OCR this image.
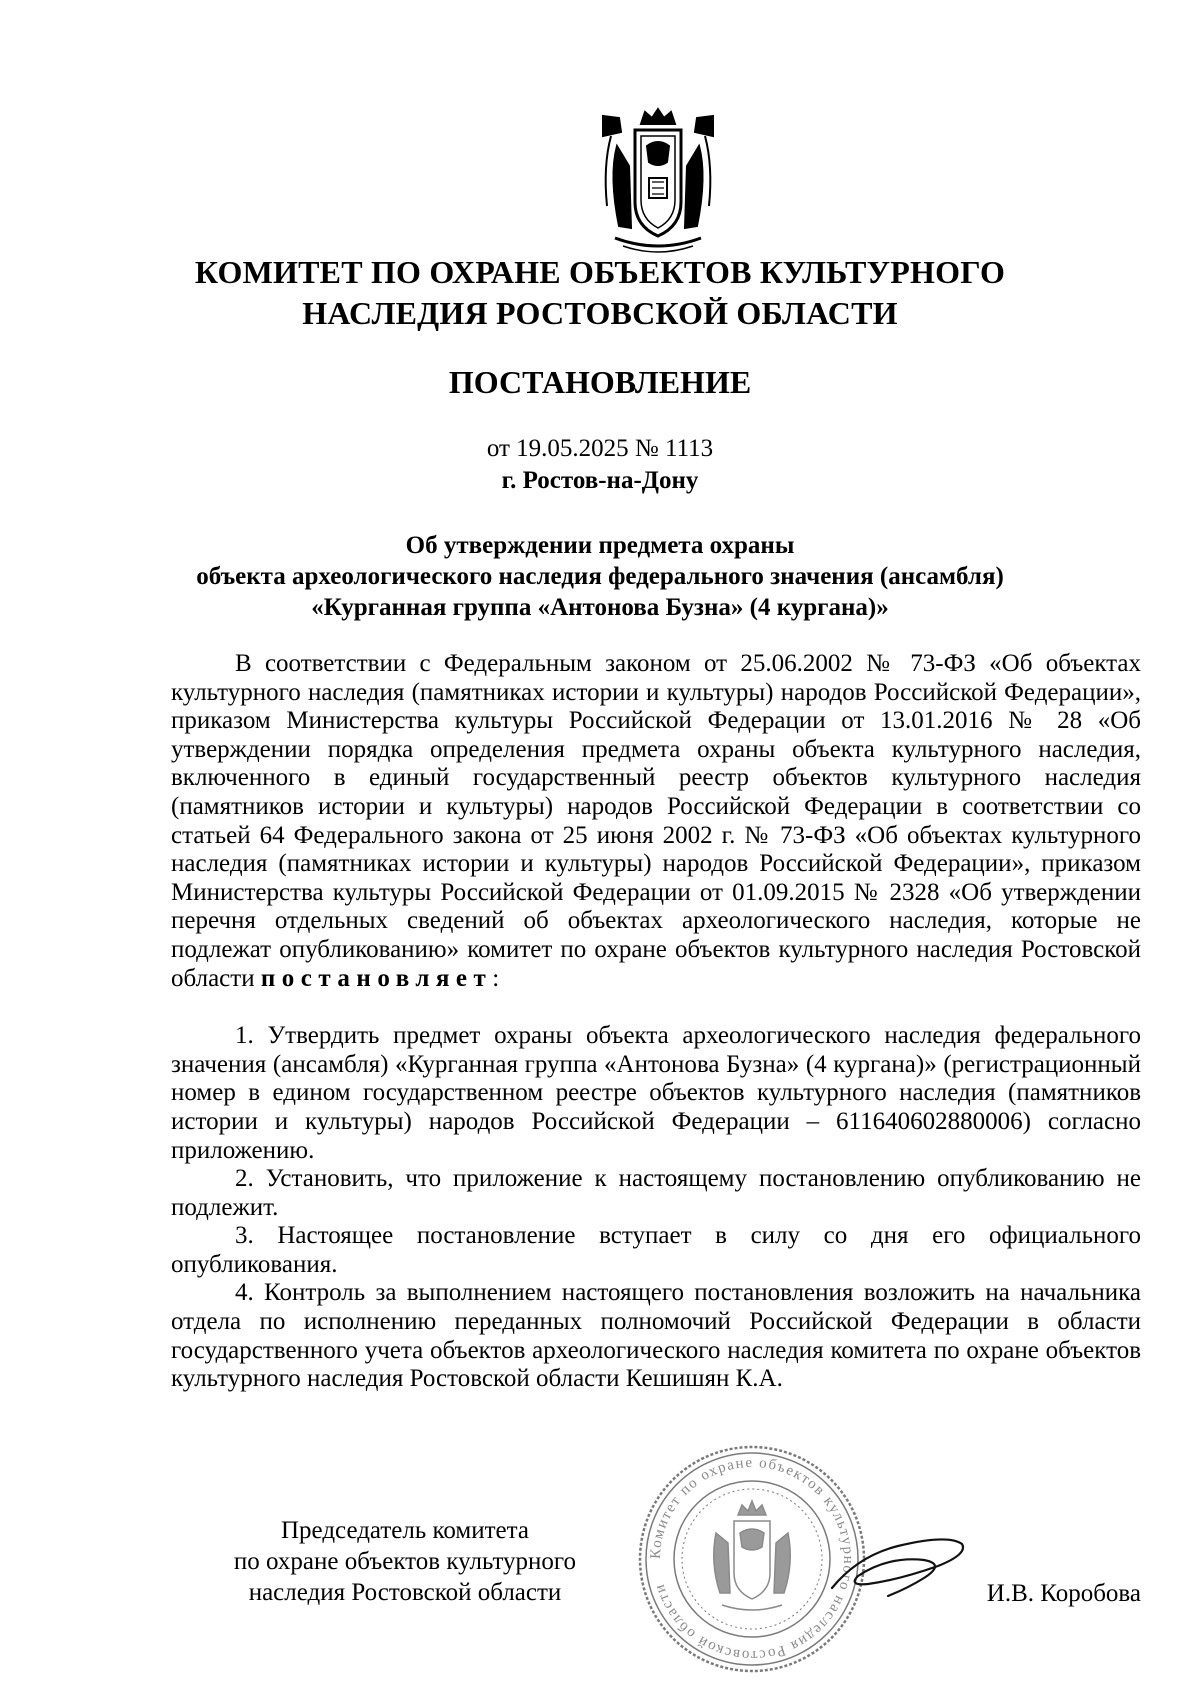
КОМИТЕТ ПО ОХРАНЕ ОБЪЕКТОВ КУЛЬТУРНОГО
НАСЛЕДИЯ РОСТОВСКОЙ ОБЛАСТИ
ПОСТАНОВЛЕНИЕ
от 19.05.2025 № 1113
г. Ростов-на-Дону
Об утверждении предмета охраны
объекта археологического наследия федерального значения (ансамбля)
«Курганная группа «Антонова Бузна» (4 кургана)»

В соответствии с Федеральным законом от 25.06.2002 № 73-ФЗ «Об объектах культурного наследия (памятниках истории и культуры) народов Российской Федерации», приказом Министерства культуры Российской Федерации от 13.01.2016 № 28 «Об утверждении порядка определения предмета охраны объекта культурного наследия, включенного в единый государственный реестр объектов культурного наследия (памятников истории и культуры) народов Российской Федерации в соответствии со статьей 64 Федерального закона от 25 июня 2002 г. № 73-ФЗ «Об объектах культурного наследия (памятниках истории и культуры) народов Российской Федерации», приказом Министерства культуры Российской Федерации от 01.09.2015 № 2328 «Об утверждении перечня отдельных сведений об объектах археологического наследия, которые не подлежат опубликованию» комитет по охране объектов культурного наследия Ростовской области постановляет:

1. Утвердить предмет охраны объекта археологического наследия федерального значения (ансамбля) «Курганная группа «Антонова Бузна» (4 кургана)» (регистрационный номер в едином государственном реестре объектов культурного наследия (памятников истории и культуры) народов Российской Федерации – 611640602880006) согласно приложению.

2. Установить, что приложение к настоящему постановлению опубликованию не подлежит.

3. Настоящее постановление вступает в силу со дня его официального опубликования.

4. Контроль за выполнением настоящего постановления возложить на начальника отдела по исполнению переданных полномочий Российской Федерации в области государственного учета объектов археологического наследия комитета по охране объектов культурного наследия Ростовской области Кешишян К.А.

Председатель комитета
по охране объектов культурного
наследия Ростовской области
Комитет по охране объектов культурного наследия Ростовской области	И.В. Коробова
